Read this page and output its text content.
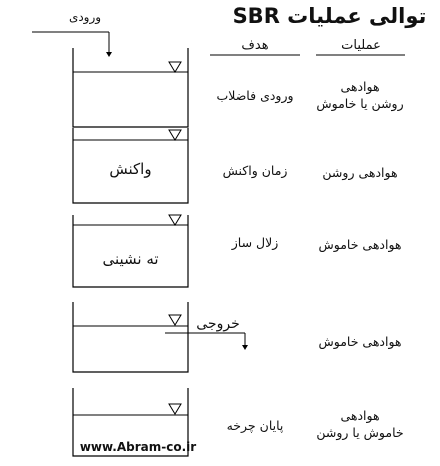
توالی عملیات SBR
هدف	عملیات
ورودی
خروجی
واکنش
ته نشینی
ورودی فاضلاب
زمان واکنش
زلال ساز
پایان چرخه
هوادهی
روشن یا خاموش
هوادهی روشن
هوادهی خاموش
هوادهی خاموش
هوادهی
خاموش یا روشن
www.Abram-co.ir
